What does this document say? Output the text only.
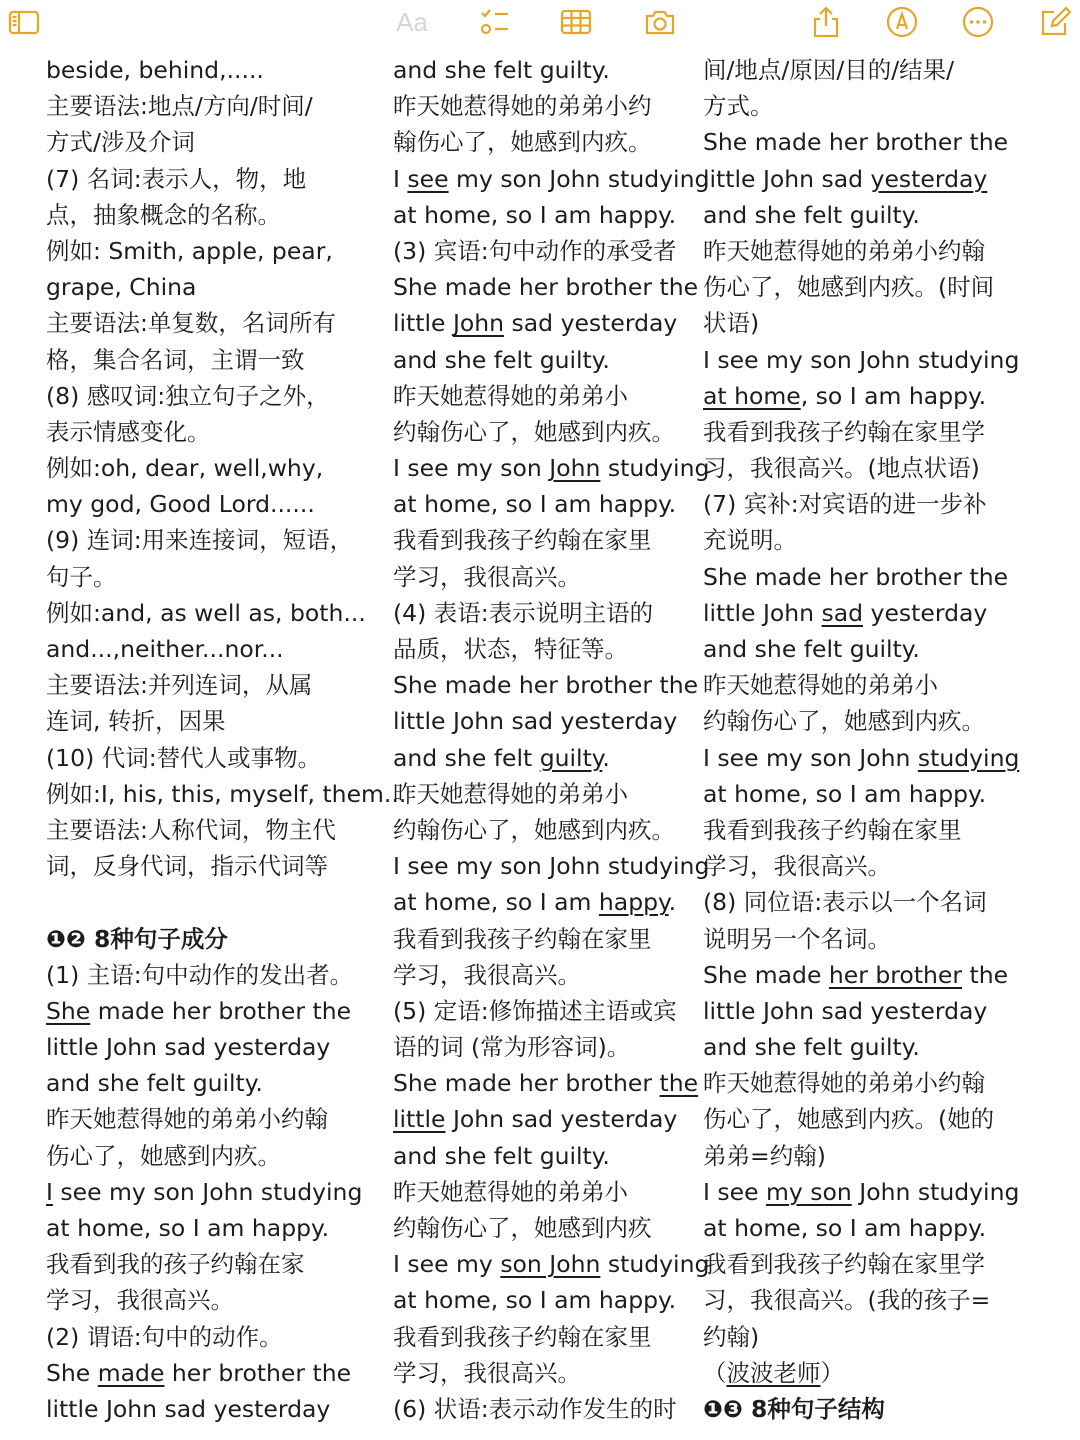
Aa
beside, behind,.....
主要语法:地点/方向/时间/
方式/涉及介词
(7) 名词:表示人，物，地
点，抽象概念的名称。
例如: Smith, apple, pear,
grape, China
主要语法:单复数，名词所有
格，集合名词，主谓一致
(8) 感叹词:独立句子之外，
表示情感变化。
例如:oh, dear, well,why,
my god, Good Lord......
(9) 连词:用来连接词，短语，
句子。
例如:and, as well as, both...
and...,neither...nor...
主要语法:并列连词，从属
连词, 转折，因果
(10) 代词:替代人或事物。
例如:I, his, this, myself, them...
主要语法:人称代词，物主代
词，反身代词，指示代词等
❶❷ 8种句子成分
(1) 主语:句中动作的发出者。
She made her brother the
little John sad yesterday
and she felt guilty.
昨天她惹得她的弟弟小约翰
伤心了，她感到内疚。
I see my son John studying
at home, so I am happy.
我看到我的孩子约翰在家
学习，我很高兴。
(2) 谓语:句中的动作。
She made her brother the
little John sad yesterday
and she felt guilty.
昨天她惹得她的弟弟小约
翰伤心了，她感到内疚。
I see my son John studying
at home, so I am happy.
(3) 宾语:句中动作的承受者
She made her brother the
little John sad yesterday
and she felt guilty.
昨天她惹得她的弟弟小
约翰伤心了，她感到内疚。
I see my son John studying
at home, so I am happy.
我看到我孩子约翰在家里
学习，我很高兴。
(4) 表语:表示说明主语的
品质，状态，特征等。
She made her brother the
little John sad yesterday
and she felt guilty.
昨天她惹得她的弟弟小
约翰伤心了，她感到内疚。
I see my son John studying
at home, so I am happy.
我看到我孩子约翰在家里
学习，我很高兴。
(5) 定语:修饰描述主语或宾
语的词 (常为形容词)。
She made her brother the
little John sad yesterday
and she felt guilty.
昨天她惹得她的弟弟小
约翰伤心了，她感到内疚
I see my son John studying
at home, so I am happy.
我看到我孩子约翰在家里
学习，我很高兴。
(6) 状语:表示动作发生的时
间/地点/原因/目的/结果/
方式。
She made her brother the
little John sad yesterday
and she felt guilty.
昨天她惹得她的弟弟小约翰
伤心了，她感到内疚。(时间
状语)
I see my son John studying
at home, so I am happy.
我看到我孩子约翰在家里学
习，我很高兴。(地点状语)
(7) 宾补:对宾语的进一步补
充说明。
She made her brother the
little John sad yesterday
and she felt guilty.
昨天她惹得她的弟弟小
约翰伤心了，她感到内疚。
I see my son John studying
at home, so I am happy.
我看到我孩子约翰在家里
学习，我很高兴。
(8) 同位语:表示以一个名词
说明另一个名词。
She made her brother the
little John sad yesterday
and she felt guilty.
昨天她惹得她的弟弟小约翰
伤心了，她感到内疚。(她的
弟弟=约翰)
I see my son John studying
at home, so I am happy.
我看到我孩子约翰在家里学
习，我很高兴。(我的孩子=
约翰)
（波波老师）
❶❸ 8种句子结构
